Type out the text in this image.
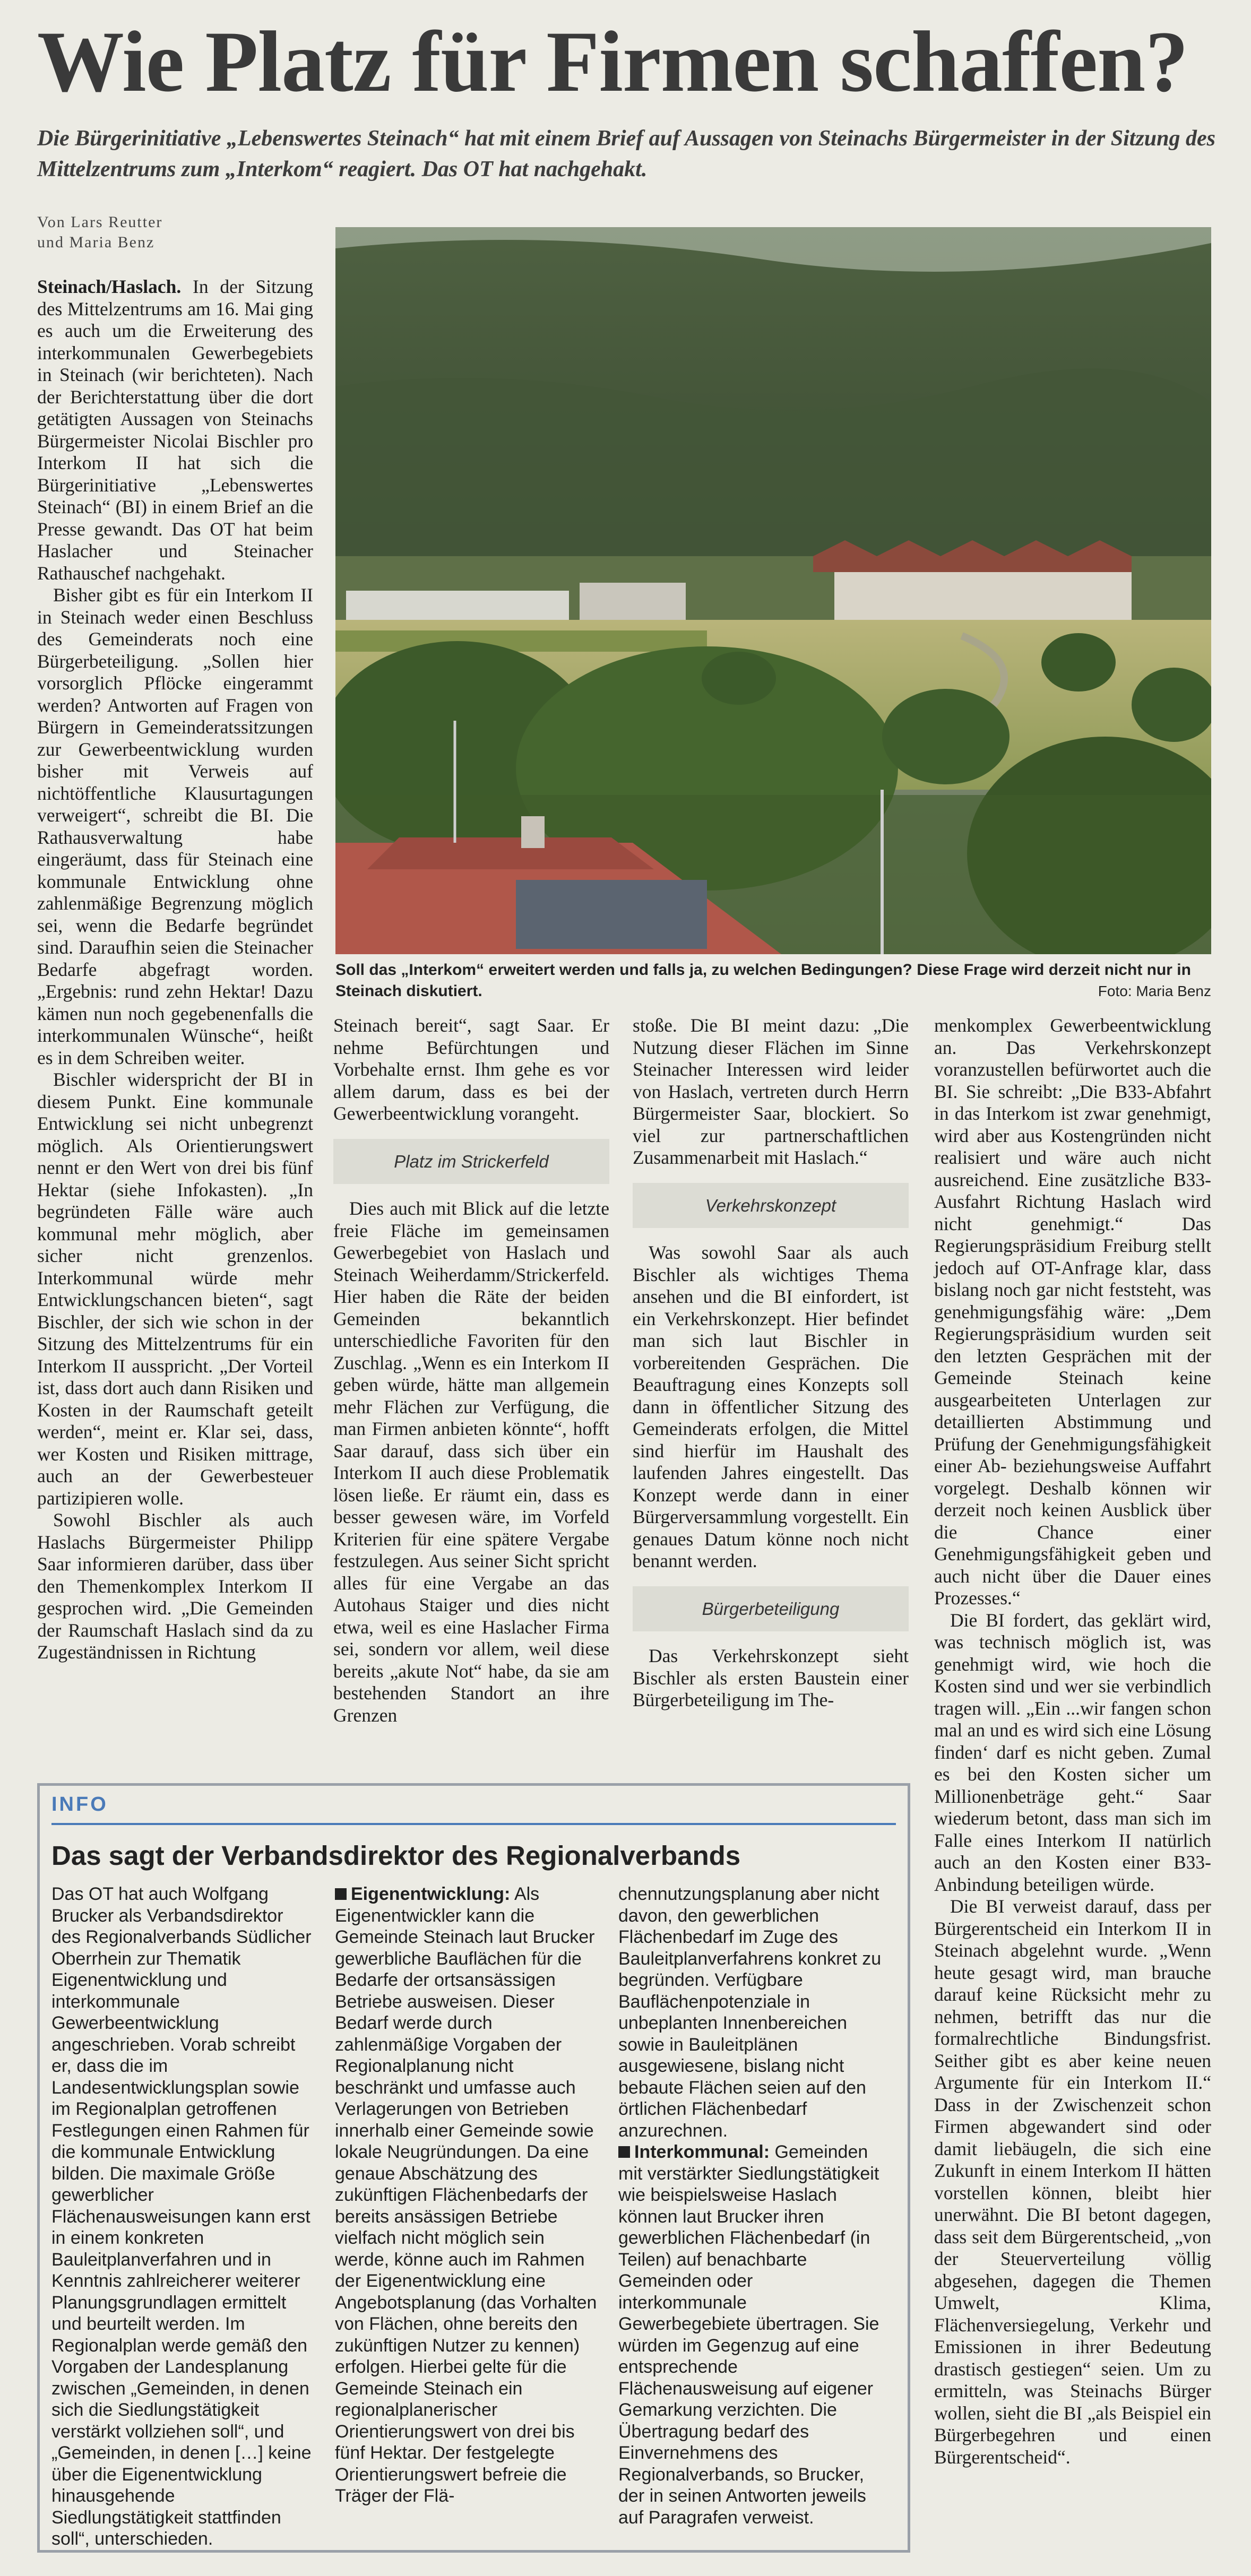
Wie Platz für Firmen schaffen?
Die Bürgerinitiative „Lebenswertes Steinach“ hat mit einem Brief auf Aussagen von Steinachs Bürgermeister in der Sitzung des Mittelzentrums zum „Interkom“ reagiert. Das OT hat nachgehakt.
Von Lars Reutter
und Maria Benz
Soll das „Interkom“ erweitert werden und falls ja, zu welchen Bedingungen? Diese Frage wird derzeit nicht nur in Steinach diskutiert.	Foto: Maria Benz

Steinach/Haslach. In der Sitzung des Mittelzentrums am 16. Mai ging es auch um die Erweiterung des interkommunalen Gewerbegebiets in Steinach (wir berichteten). Nach der Berichterstattung über die dort getätigten Aussagen von Steinachs Bürgermeister Nicolai Bischler pro Interkom II hat sich die Bürgerinitiative „Lebenswertes Steinach“ (BI) in einem Brief an die Presse gewandt. Das OT hat beim Haslacher und Steinacher Rathauschef nachgehakt.

Bisher gibt es für ein Interkom II in Steinach weder einen Beschluss des Gemeinderats noch eine Bürgerbeteiligung. „Sollen hier vorsorglich Pflöcke eingerammt werden? Antworten auf Fragen von Bürgern in Gemeinderatssitzungen zur Gewerbeentwicklung wurden bisher mit Verweis auf nichtöffentliche Klausurtagungen verweigert“, schreibt die BI. Die Rathausverwaltung habe eingeräumt, dass für Steinach eine kommunale Entwicklung ohne zahlenmäßige Begrenzung möglich sei, wenn die Bedarfe begründet sind. Daraufhin seien die Steinacher Bedarfe abgefragt worden. „Ergebnis: rund zehn Hektar! Dazu kämen nun noch gegebenenfalls die interkommunalen Wünsche“, heißt es in dem Schreiben weiter.

Bischler widerspricht der BI in diesem Punkt. Eine kommunale Entwicklung sei nicht unbegrenzt möglich. Als Orientierungswert nennt er den Wert von drei bis fünf Hektar (siehe Infokasten). „In begründeten Fälle wäre auch kommunal mehr möglich, aber sicher nicht grenzenlos. Interkommunal würde mehr Entwicklungschancen bieten“, sagt Bischler, der sich wie schon in der Sitzung des Mittelzentrums für ein Interkom II ausspricht. „Der Vorteil ist, dass dort auch dann Risiken und Kosten in der Raumschaft geteilt werden“, meint er. Klar sei, dass, wer Kosten und Risiken mittrage, auch an der Gewerbesteuer partizipieren wolle.

Sowohl Bischler als auch Haslachs Bürgermeister Philipp Saar informieren darüber, dass über den Themenkomplex Interkom II gesprochen wird. „Die Gemeinden der Raumschaft Haslach sind da zu Zugeständnissen in Richtung

Steinach bereit“, sagt Saar. Er nehme Befürchtungen und Vorbehalte ernst. Ihm gehe es vor allem darum, dass es bei der Gewerbeentwicklung vorangeht.

Platz im Strickerfeld

Dies auch mit Blick auf die letzte freie Fläche im gemeinsamen Gewerbegebiet von Haslach und Steinach Weiherdamm/Strickerfeld. Hier haben die Räte der beiden Gemeinden bekanntlich unterschiedliche Favoriten für den Zuschlag. „Wenn es ein Interkom II geben würde, hätte man allgemein mehr Flächen zur Verfügung, die man Firmen anbieten könnte“, hofft Saar darauf, dass sich über ein Interkom II auch diese Problematik lösen ließe. Er räumt ein, dass es besser gewesen wäre, im Vorfeld Kriterien für eine spätere Vergabe festzulegen. Aus seiner Sicht spricht alles für eine Vergabe an das Autohaus Staiger und dies nicht etwa, weil es eine Haslacher Firma sei, sondern vor allem, weil diese bereits „akute Not“ habe, da sie am bestehenden Standort an ihre Grenzen

stoße. Die BI meint dazu: „Die Nutzung dieser Flächen im Sinne Steinacher Interessen wird leider von Haslach, vertreten durch Herrn Bürgermeister Saar, blockiert. So viel zur partnerschaftlichen Zusammenarbeit mit Haslach.“

Verkehrskonzept

Was sowohl Saar als auch Bischler als wichtiges Thema ansehen und die BI einfordert, ist ein Verkehrskonzept. Hier befindet man sich laut Bischler in vorbereitenden Gesprächen. Die Beauftragung eines Konzepts soll dann in öffentlicher Sitzung des Gemeinderats erfolgen, die Mittel sind hierfür im Haushalt des laufenden Jahres eingestellt. Das Konzept werde dann in einer Bürgerversammlung vorgestellt. Ein genaues Datum könne noch nicht benannt werden.

Bürgerbeteiligung

Das Verkehrskonzept sieht Bischler als ersten Baustein einer Bürgerbeteiligung im The-

menkomplex Gewerbeentwicklung an. Das Verkehrskonzept voranzustellen befürwortet auch die BI. Sie schreibt: „Die B33-Abfahrt in das Interkom ist zwar genehmigt, wird aber aus Kostengründen nicht realisiert und wäre auch nicht ausreichend. Eine zusätzliche B33-Ausfahrt Richtung Haslach wird nicht genehmigt.“ Das Regierungspräsidium Freiburg stellt jedoch auf OT-Anfrage klar, dass bislang noch gar nicht feststeht, was genehmigungsfähig wäre: „Dem Regierungspräsidium wurden seit den letzten Gesprächen mit der Gemeinde Steinach keine ausgearbeiteten Unterlagen zur detaillierten Abstimmung und Prüfung der Genehmigungsfähigkeit einer Ab- beziehungsweise Auffahrt vorgelegt. Deshalb können wir derzeit noch keinen Ausblick über die Chance einer Genehmigungsfähigkeit geben und auch nicht über die Dauer eines Prozesses.“

Die BI fordert, das geklärt wird, was technisch möglich ist, was genehmigt wird, wie hoch die Kosten sind und wer sie verbindlich tragen will. „Ein ...wir fangen schon mal an und es wird sich eine Lösung finden‘ darf es nicht geben. Zumal es bei den Kosten sicher um Millionenbeträge geht.“ Saar wiederum betont, dass man sich im Falle eines Interkom II natürlich auch an den Kosten einer B33-Anbindung beteiligen würde.

Die BI verweist darauf, dass per Bürgerentscheid ein Interkom II in Steinach abgelehnt wurde. „Wenn heute gesagt wird, man brauche darauf keine Rücksicht mehr zu nehmen, betrifft das nur die formalrechtliche Bindungsfrist. Seither gibt es aber keine neuen Argumente für ein Interkom II.“ Dass in der Zwischenzeit schon Firmen abgewandert sind oder damit liebäugeln, die sich eine Zukunft in einem Interkom II hätten vorstellen können, bleibt hier unerwähnt. Die BI betont dagegen, dass seit dem Bürgerentscheid, „von der Steuerverteilung völlig abgesehen, dagegen die Themen Umwelt, Klima, Flächenversiegelung, Verkehr und Emissionen in ihrer Bedeutung drastisch gestiegen“ seien. Um zu ermitteln, was Steinachs Bürger wollen, sieht die BI „als Beispiel ein Bürgerbegehren und einen Bürgerentscheid“.

INFO
Das sagt der Verbandsdirektor des Regionalverbands

Das OT hat auch Wolfgang Brucker als Verbandsdirektor des Regionalverbands Südlicher Oberrhein zur Thematik Eigenentwicklung und interkommunale Gewerbeentwicklung angeschrieben. Vorab schreibt er, dass die im Landesentwicklungsplan sowie im Regionalplan getroffenen Festlegungen einen Rahmen für die kommunale Entwicklung bilden. Die maximale Größe gewerblicher Flächenausweisungen kann erst in einem konkreten Bauleitplanverfahren und in Kenntnis zahlreicherer weiterer Planungsgrundlagen ermittelt und beurteilt werden. Im Regionalplan werde gemäß den Vorgaben der Landesplanung zwischen „Gemeinden, in denen sich die Siedlungstätigkeit verstärkt vollziehen soll“, und „Gemeinden, in denen […] keine über die Eigenentwicklung hinausgehende Siedlungstätigkeit stattfinden soll“, unterschieden.

Eigenentwicklung: Als Eigenentwickler kann die Gemeinde Steinach laut Brucker gewerbliche Bauflächen für die Bedarfe der ortsansässigen Betriebe ausweisen. Dieser Bedarf werde durch zahlenmäßige Vorgaben der Regionalplanung nicht beschränkt und umfasse auch Verlagerungen von Betrieben innerhalb einer Gemeinde sowie lokale Neugründungen. Da eine genaue Abschätzung des zukünftigen Flächenbedarfs der bereits ansässigen Betriebe vielfach nicht möglich sein werde, könne auch im Rahmen der Eigenentwicklung eine Angebotsplanung (das Vorhalten von Flächen, ohne bereits den zukünftigen Nutzer zu kennen) erfolgen. Hierbei gelte für die Gemeinde Steinach ein regionalplanerischer Orientierungswert von drei bis fünf Hektar. Der festgelegte Orientierungswert befreie die Träger der Flä-

chennutzungsplanung aber nicht davon, den gewerblichen Flächenbedarf im Zuge des Bauleitplanverfahrens konkret zu begründen. Verfügbare Bauflächenpotenziale in unbeplanten Innenbereichen sowie in Bauleitplänen ausgewiesene, bislang nicht bebaute Flächen seien auf den örtlichen Flächenbedarf anzurechnen.

Interkommunal: Gemeinden mit verstärkter Siedlungstätigkeit wie beispielsweise Haslach können laut Brucker ihren gewerblichen Flächenbedarf (in Teilen) auf benachbarte Gemeinden oder interkommunale Gewerbegebiete übertragen. Sie würden im Gegenzug auf eine entsprechende Flächenausweisung auf eigener Gemarkung verzichten. Die Übertragung bedarf des Einvernehmens des Regionalverbands, so Brucker, der in seinen Antworten jeweils auf Paragrafen verweist.
